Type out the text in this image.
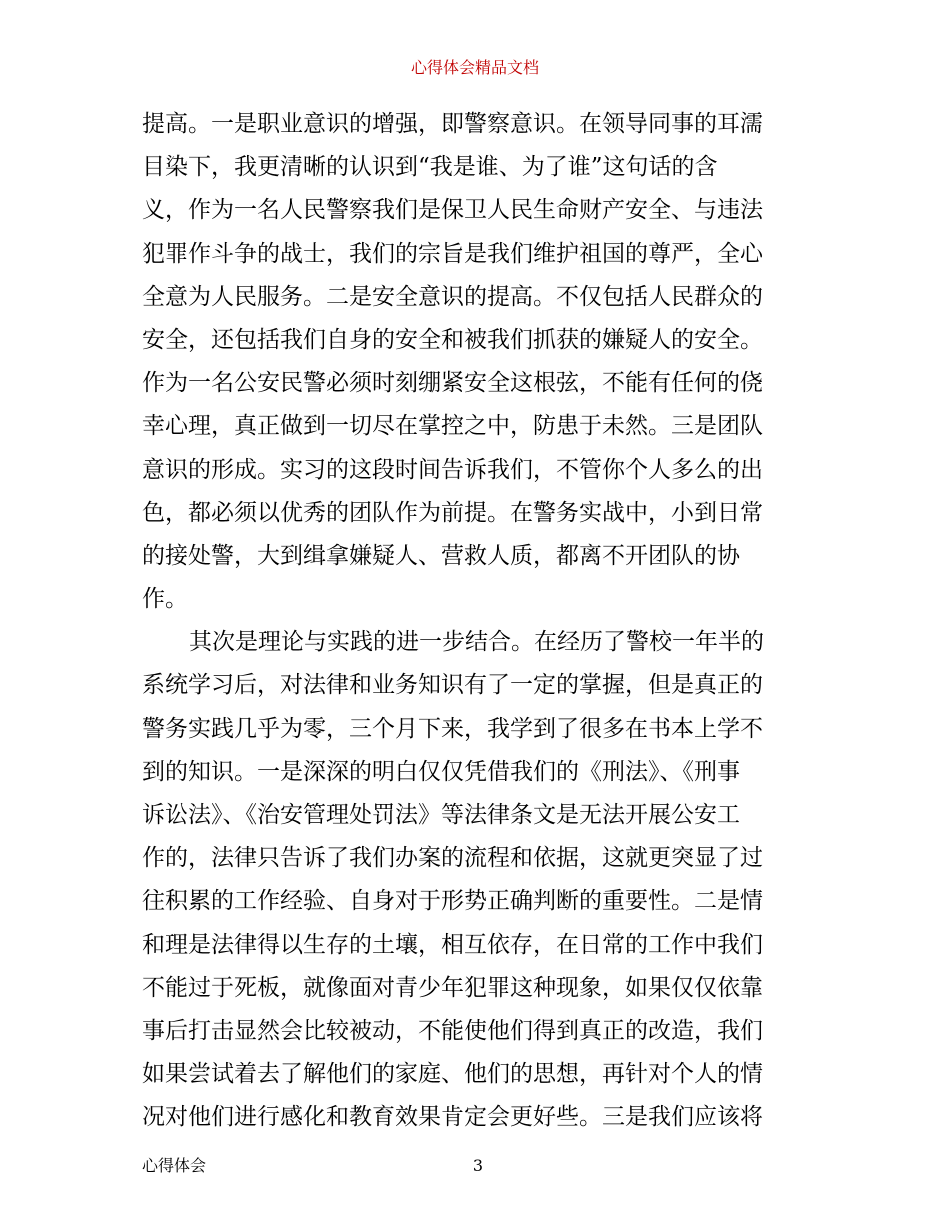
心得体会精品文档
提高。一是职业意识的增强，即警察意识。在领导同事的耳濡
目染下，我更清晰的认识到“我是谁、为了谁”这句话的含
义，作为一名人民警察我们是保卫人民生命财产安全、与违法
犯罪作斗争的战士，我们的宗旨是我们维护祖国的尊严，全心
全意为人民服务。二是安全意识的提高。不仅包括人民群众的
安全，还包括我们自身的安全和被我们抓获的嫌疑人的安全。
作为一名公安民警必须时刻绷紧安全这根弦，不能有任何的侥
幸心理，真正做到一切尽在掌控之中，防患于未然。三是团队
意识的形成。实习的这段时间告诉我们，不管你个人多么的出
色，都必须以优秀的团队作为前提。在警务实战中，小到日常
的接处警，大到缉拿嫌疑人、营救人质，都离不开团队的协
作。
其次是理论与实践的进一步结合。在经历了警校一年半的
系统学习后，对法律和业务知识有了一定的掌握，但是真正的
警务实践几乎为零，三个月下来，我学到了很多在书本上学不
到的知识。一是深深的明白仅仅凭借我们的《刑法》、《刑事
诉讼法》、《治安管理处罚法》等法律条文是无法开展公安工
作的，法律只告诉了我们办案的流程和依据，这就更突显了过
往积累的工作经验、自身对于形势正确判断的重要性。二是情
和理是法律得以生存的土壤，相互依存，在日常的工作中我们
不能过于死板，就像面对青少年犯罪这种现象，如果仅仅依靠
事后打击显然会比较被动，不能使他们得到真正的改造，我们
如果尝试着去了解他们的家庭、他们的思想，再针对个人的情
况对他们进行感化和教育效果肯定会更好些。三是我们应该将
心得体会	3
